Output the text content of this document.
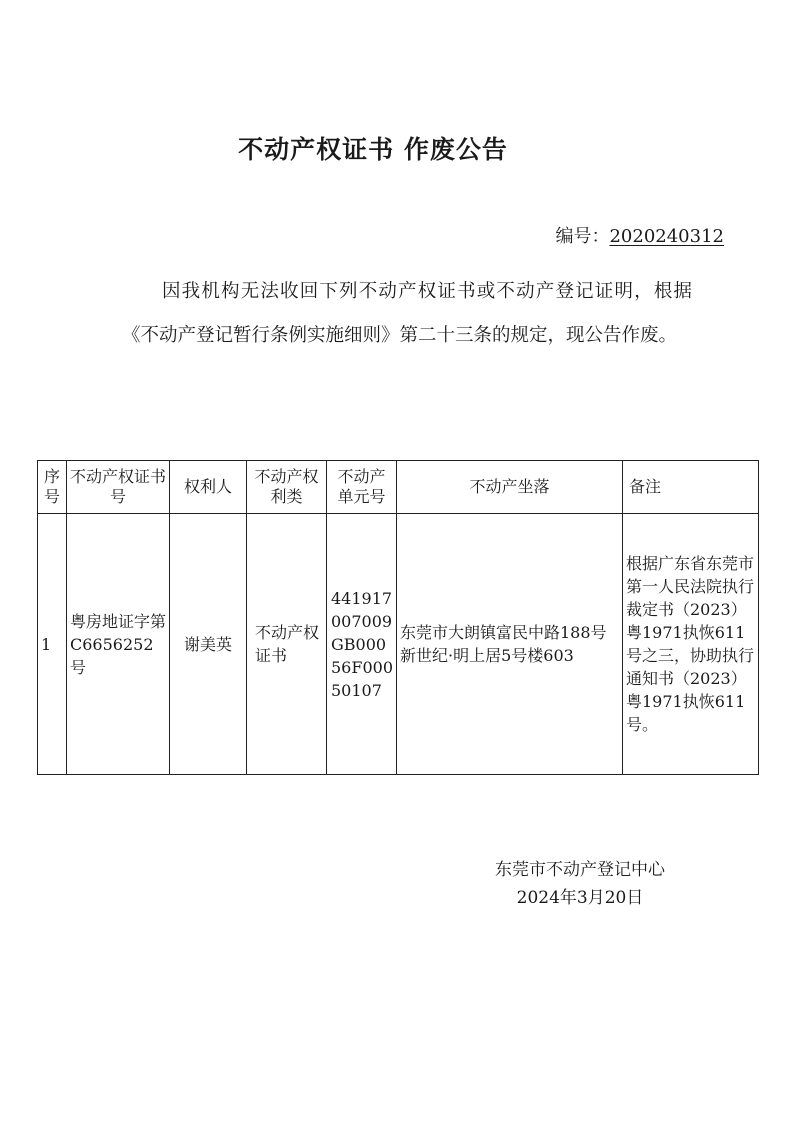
不动产权证书 作废公告
编号：2020240312
因我机构无法收回下列不动产权证书或不动产登记证明，根据《不动产登记暂行条例实施细则》第二十三条的规定，现公告作废。
序号	不动产权证书号	权利人	不动产权利类	不动产单元号	不动产坐落	备注
1	粤房地证字第C6656252号	谢美英	不动产权证书	441917007009GB00056F00050107	东莞市大朗镇富民中路188号新世纪·明上居5号楼603	根据广东省东莞市第一人民法院执行裁定书（2023）粤1971执恢611号之三，协助执行通知书（2023）粤1971执恢611号。
东莞市不动产登记中心
2024年3月20日
